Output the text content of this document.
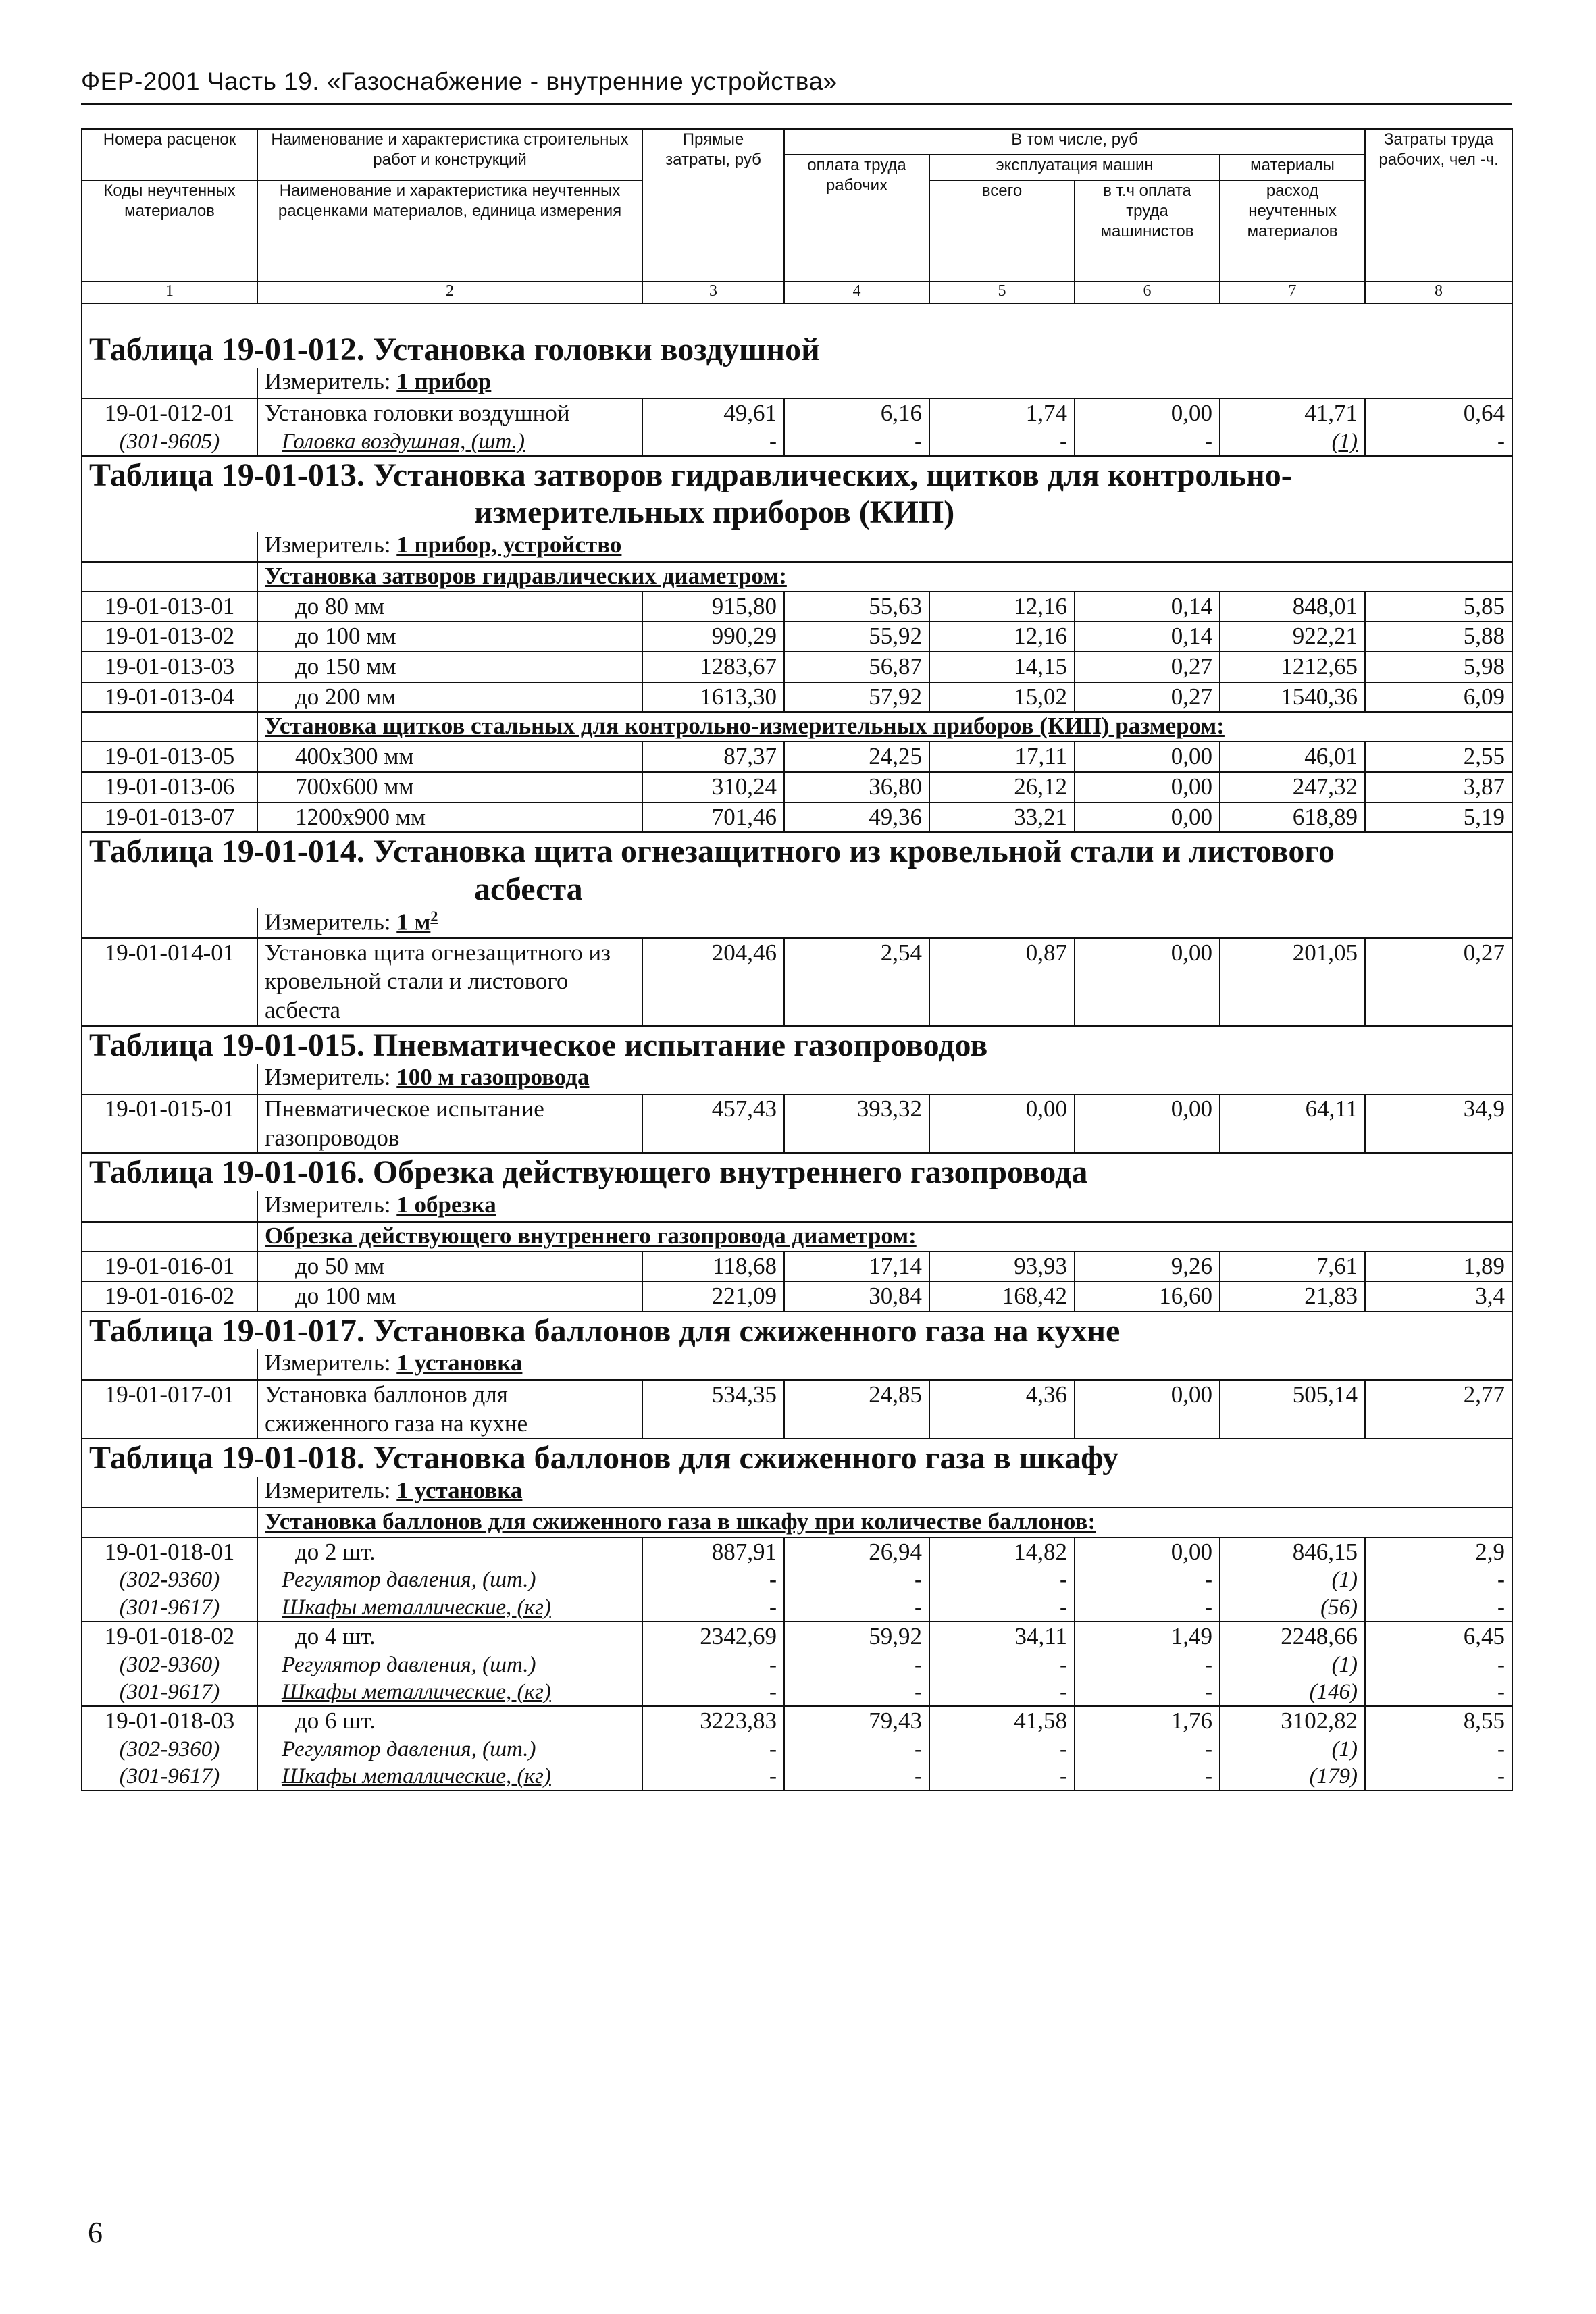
ФЕР-2001 Часть 19. «Газоснабжение - внутренние устройства»
Номера расценок	Наименование и характеристика строительных работ и конструкций	Прямые затраты, руб	В том числе, руб				Затраты труда рабочих, чел -ч.
			оплата труда рабочих	эксплуатация машин		материалы	
Коды неучтенных материалов	Наименование и характеристика неучтенных расценками материалов, единица измерения			всего	в т.ч оплата труда машинистов	расход неучтенных материалов	

1	2	3	4	5	6	7	8
Таблица 19-01-012. Установка головки воздушной							
	Измеритель: 1 прибор						
19-01-012-01	Установка головки воздушной	49,61	6,16	1,74	0,00	41,71	0,64
(301-9605)	Головка воздушная, (шт.)	-	-	-	-	(1)	-
Таблица 19-01-013. Установка затворов гидравлических, щитков для контрольно-
измерительных приборов (КИП)							

	Измеритель: 1 прибор, устройство						
	Установка затворов гидравлических диаметром:						
19-01-013-01	до 80 мм	915,80	55,63	12,16	0,14	848,01	5,85
19-01-013-02	до 100 мм	990,29	55,92	12,16	0,14	922,21	5,88
19-01-013-03	до 150 мм	1283,67	56,87	14,15	0,27	1212,65	5,98
19-01-013-04	до 200 мм	1613,30	57,92	15,02	0,27	1540,36	6,09
	Установка щитков стальных для контрольно-измерительных приборов (КИП) размером:						
19-01-013-05	400x300 мм	87,37	24,25	17,11	0,00	46,01	2,55
19-01-013-06	700x600 мм	310,24	36,80	26,12	0,00	247,32	3,87
19-01-013-07	1200x900 мм	701,46	49,36	33,21	0,00	618,89	5,19
Таблица 19-01-014. Установка щита огнезащитного из кровельной стали и листового
асбеста							

	Измеритель: 1 $м^2$
19-01-014-01	Установка щита огнезащитного из кровельной стали и листового асбеста	204,46	2,54	0,87	0,00	201,05	0,27
Таблица 19-01-015. Пневматическое испытание газопроводов							
	Измеритель: 100 м газопровода						
19-01-015-01	Пневматическое испытание газопроводов	457,43	393,32	0,00	0,00	64,11	34,9
Таблица 19-01-016. Обрезка действующего внутреннего газопровода							
	Измеритель: 1 обрезка						
	Обрезка действующего внутреннего газопровода диаметром:						
19-01-016-01	до 50 мм	118,68	17,14	93,93	9,26	7,61	1,89
19-01-016-02	до 100 мм	221,09	30,84	168,42	16,60	21,83	3,4
Таблица 19-01-017. Установка баллонов для сжиженного газа на кухне							
	Измеритель: 1 установка						
19-01-017-01	Установка баллонов для сжиженного газа на кухне	534,35	24,85	4,36	0,00	505,14	2,77
Таблица 19-01-018. Установка баллонов для сжиженного газа в шкафу							
	Измеритель: 1 установка						
	Установка баллонов для сжиженного газа в шкафу при количестве баллонов:						
19-01-018-01	до 2 шт.	887,91	26,94	14,82	0,00	846,15	2,9
(302-9360)	Регулятор давления, (шт.)	-	-	-	-	(1)	-
(301-9617)	Шкафы металлические, (кг)	-	-	-	-	(56)	-
19-01-018-02	до 4 шт.	2342,69	59,92	34,11	1,49	2248,66	6,45
(302-9360)	Регулятор давления, (шт.)	-	-	-	-	(1)	-
(301-9617)	Шкафы металлические, (кг)	-	-	-	-	(146)	-
19-01-018-03	до 6 шт.	3223,83	79,43	41,58	1,76	3102,82	8,55
(302-9360)	Регулятор давления, (шт.)	-	-	-	-	(1)	-
(301-9617)	Шкафы металлические, (кг)	-	-	-	-	(179)	-
6
